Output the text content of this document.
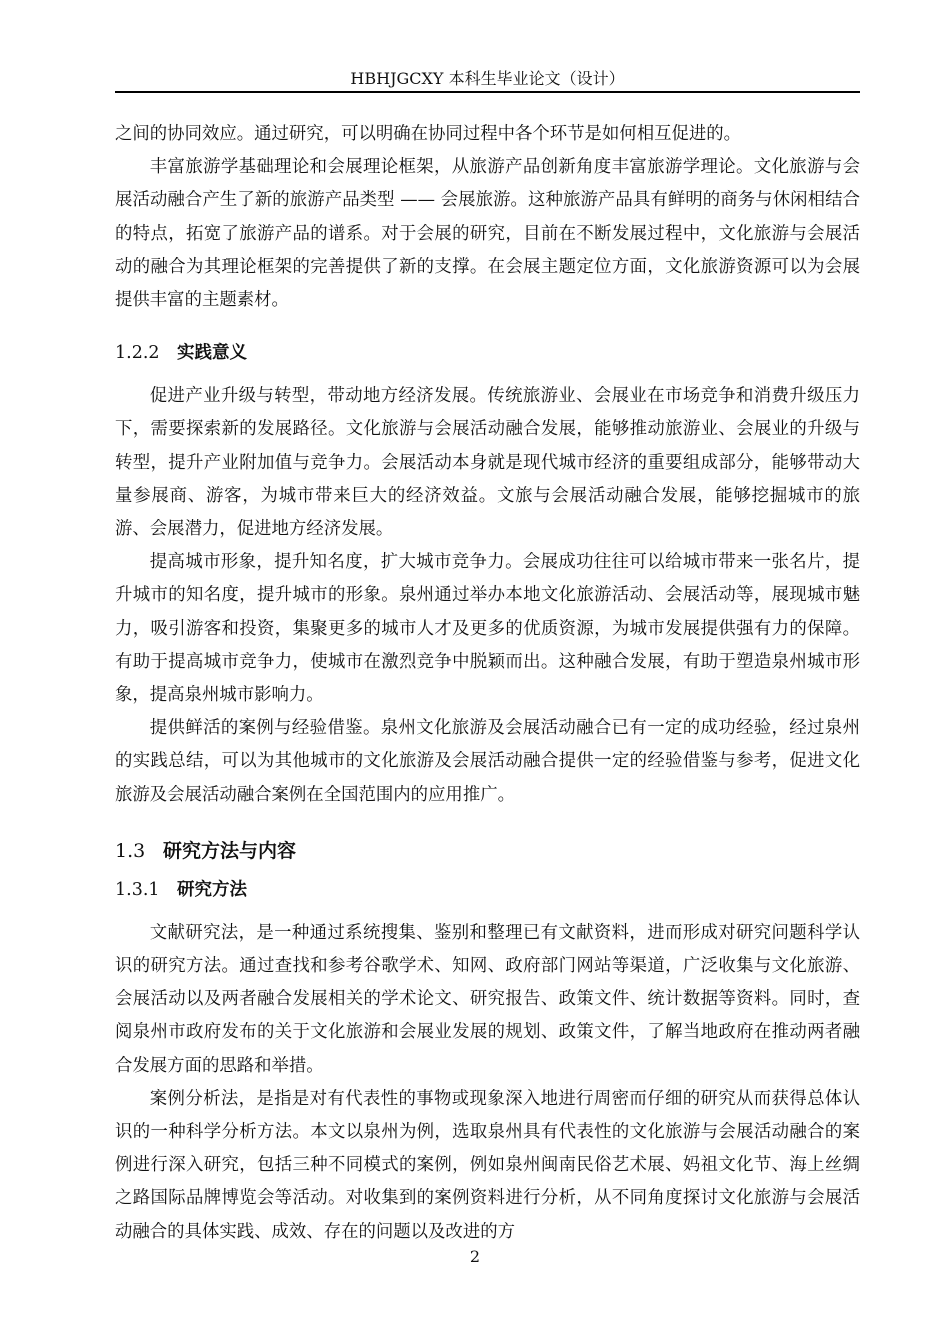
HBHJGCXY 本科生毕业论文（设计）

之间的协同效应。通过研究，可以明确在协同过程中各个环节是如何相互促进的。

丰富旅游学基础理论和会展理论框架，从旅游产品创新角度丰富旅游学理论。文化旅游与会展活动融合产生了新的旅游产品类型 —— 会展旅游。这种旅游产品具有鲜明的商务与休闲相结合的特点，拓宽了旅游产品的谱系。对于会展的研究，目前在不断发展过程中，文化旅游与会展活动的融合为其理论框架的完善提供了新的支撑。在会展主题定位方面，文化旅游资源可以为会展提供丰富的主题素材。

1.2.2 实践意义

促进产业升级与转型，带动地方经济发展。传统旅游业、会展业在市场竞争和消费升级压力下，需要探索新的发展路径。文化旅游与会展活动融合发展，能够推动旅游业、会展业的升级与转型，提升产业附加值与竞争力。会展活动本身就是现代城市经济的重要组成部分，能够带动大量参展商、游客，为城市带来巨大的经济效益。文旅与会展活动融合发展，能够挖掘城市的旅游、会展潜力，促进地方经济发展。

提高城市形象，提升知名度，扩大城市竞争力。会展成功往往可以给城市带来一张名片，提升城市的知名度，提升城市的形象。泉州通过举办本地文化旅游活动、会展活动等，展现城市魅力，吸引游客和投资，集聚更多的城市人才及更多的优质资源，为城市发展提供强有力的保障。有助于提高城市竞争力，使城市在激烈竞争中脱颖而出。这种融合发展，有助于塑造泉州城市形象，提高泉州城市影响力。

提供鲜活的案例与经验借鉴。泉州文化旅游及会展活动融合已有一定的成功经验，经过泉州的实践总结，可以为其他城市的文化旅游及会展活动融合提供一定的经验借鉴与参考，促进文化旅游及会展活动融合案例在全国范围内的应用推广。

1.3 研究方法与内容

1.3.1 研究方法

文献研究法，是一种通过系统搜集、鉴别和整理已有文献资料，进而形成对研究问题科学认识的研究方法。通过查找和参考谷歌学术、知网、政府部门网站等渠道，广泛收集与文化旅游、会展活动以及两者融合发展相关的学术论文、研究报告、政策文件、统计数据等资料。同时，查阅泉州市政府发布的关于文化旅游和会展业发展的规划、政策文件，了解当地政府在推动两者融合发展方面的思路和举措。

案例分析法，是指是对有代表性的事物或现象深入地进行周密而仔细的研究从而获得总体认识的一种科学分析方法。本文以泉州为例，选取泉州具有代表性的文化旅游与会展活动融合的案例进行深入研究，包括三种不同模式的案例，例如泉州闽南民俗艺术展、妈祖文化节、海上丝绸之路国际品牌博览会等活动。对收集到的案例资料进行分析，从不同角度探讨文化旅游与会展活动融合的具体实践、成效、存在的问题以及改进的方

2
